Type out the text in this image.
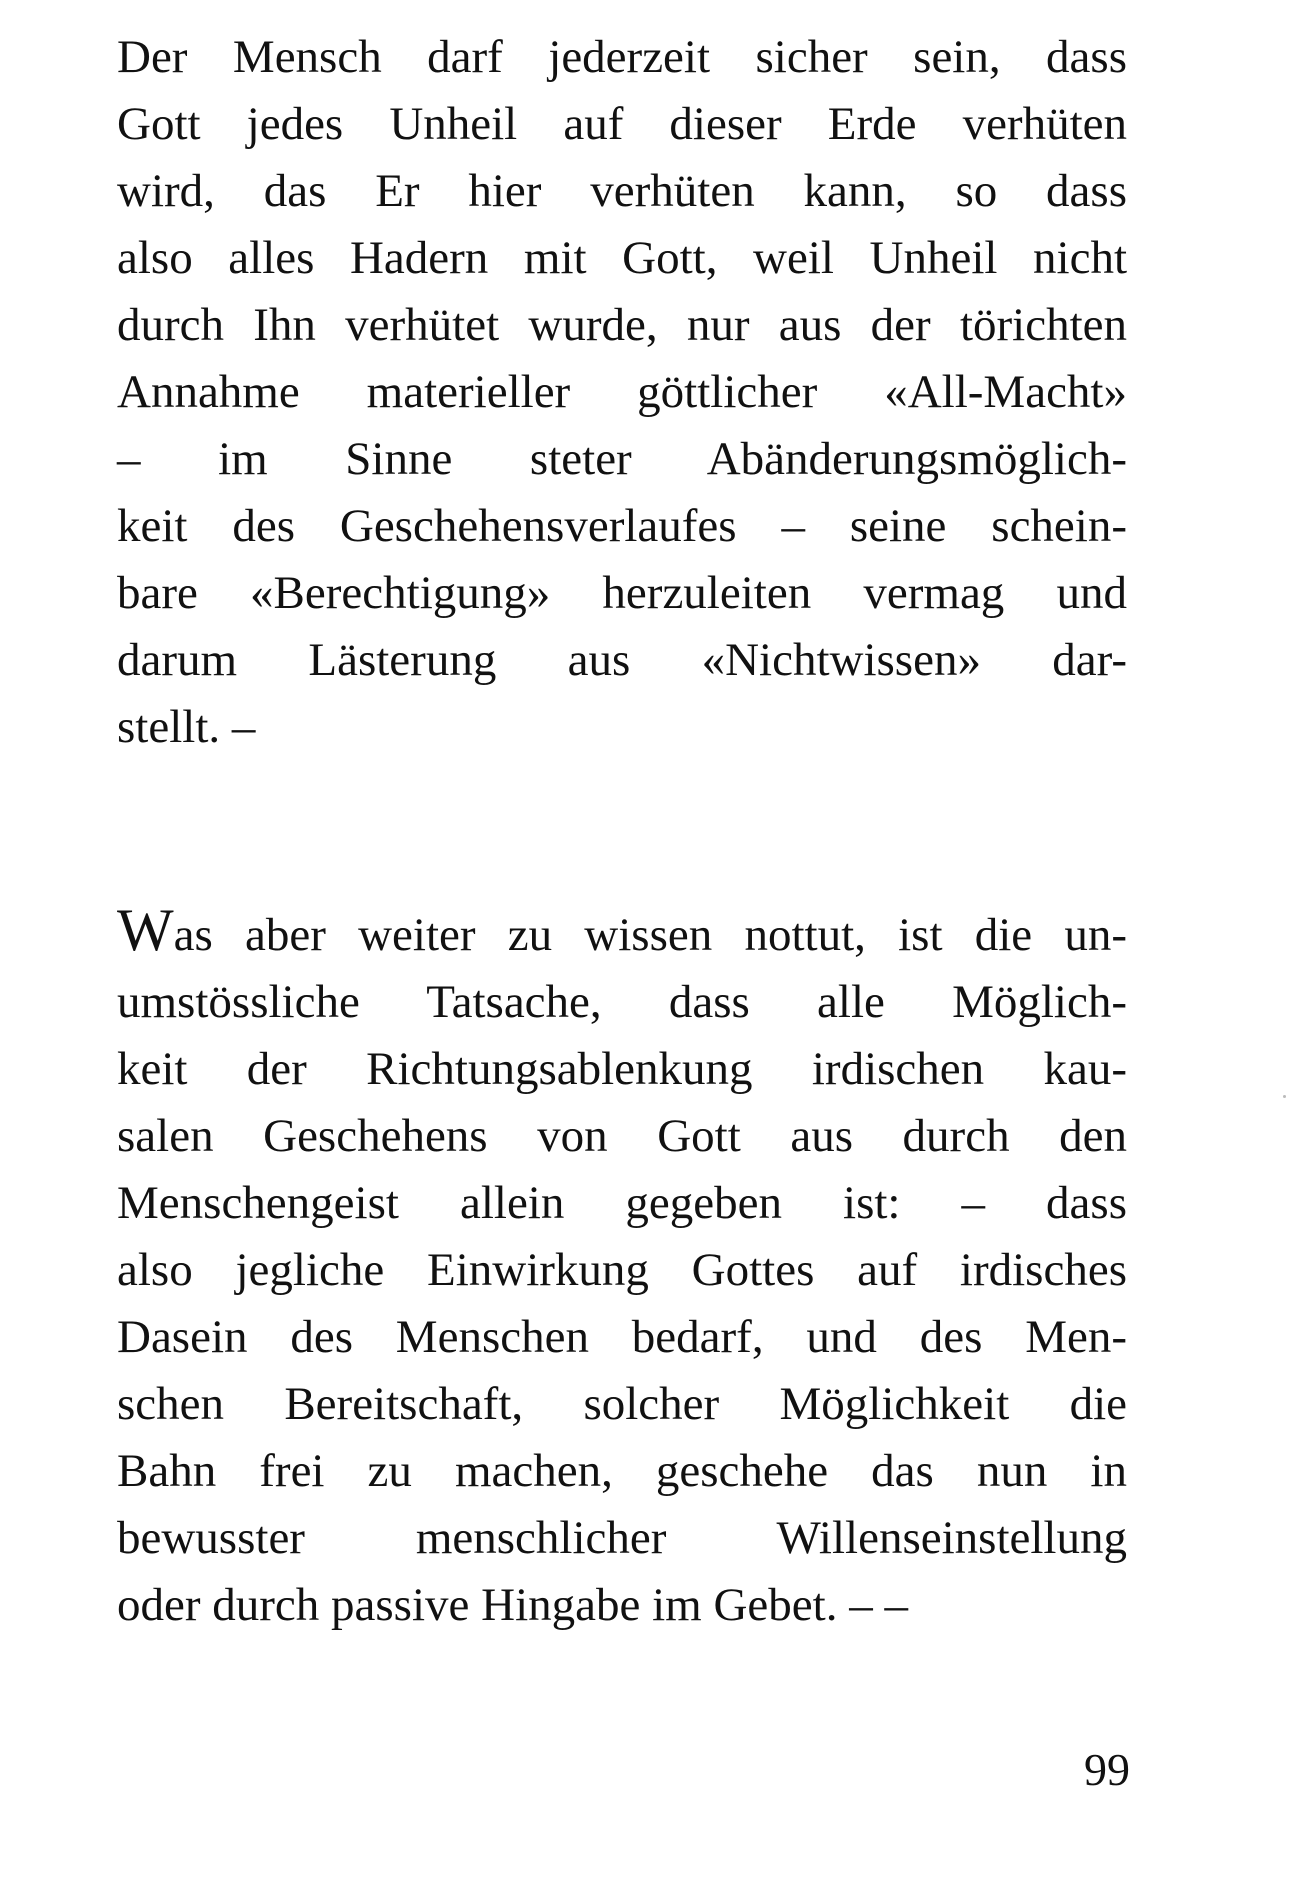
Der Mensch darf jederzeit sicher sein, dass
Gott jedes Unheil auf dieser Erde verhüten
wird, das Er hier verhüten kann, so dass
also alles Hadern mit Gott, weil Unheil nicht
durch Ihn verhütet wurde, nur aus der törichten
Annahme materieller göttlicher «All-Macht»
– im Sinne steter Abänderungsmöglich-
keit des Geschehensverlaufes – seine schein-
bare «Berechtigung» herzuleiten vermag und
darum Lästerung aus «Nichtwissen» dar-
stellt. –
Was aber weiter zu wissen nottut, ist die un-
umstössliche Tatsache, dass alle Möglich-
keit der Richtungsablenkung irdischen kau-
salen Geschehens von Gott aus durch den
Menschengeist allein gegeben ist: – dass
also jegliche Einwirkung Gottes auf irdisches
Dasein des Menschen bedarf, und des Men-
schen Bereitschaft, solcher Möglichkeit die
Bahn frei zu machen, geschehe das nun in
bewusster menschlicher Willenseinstellung
oder durch passive Hingabe im Gebet. – –
99
